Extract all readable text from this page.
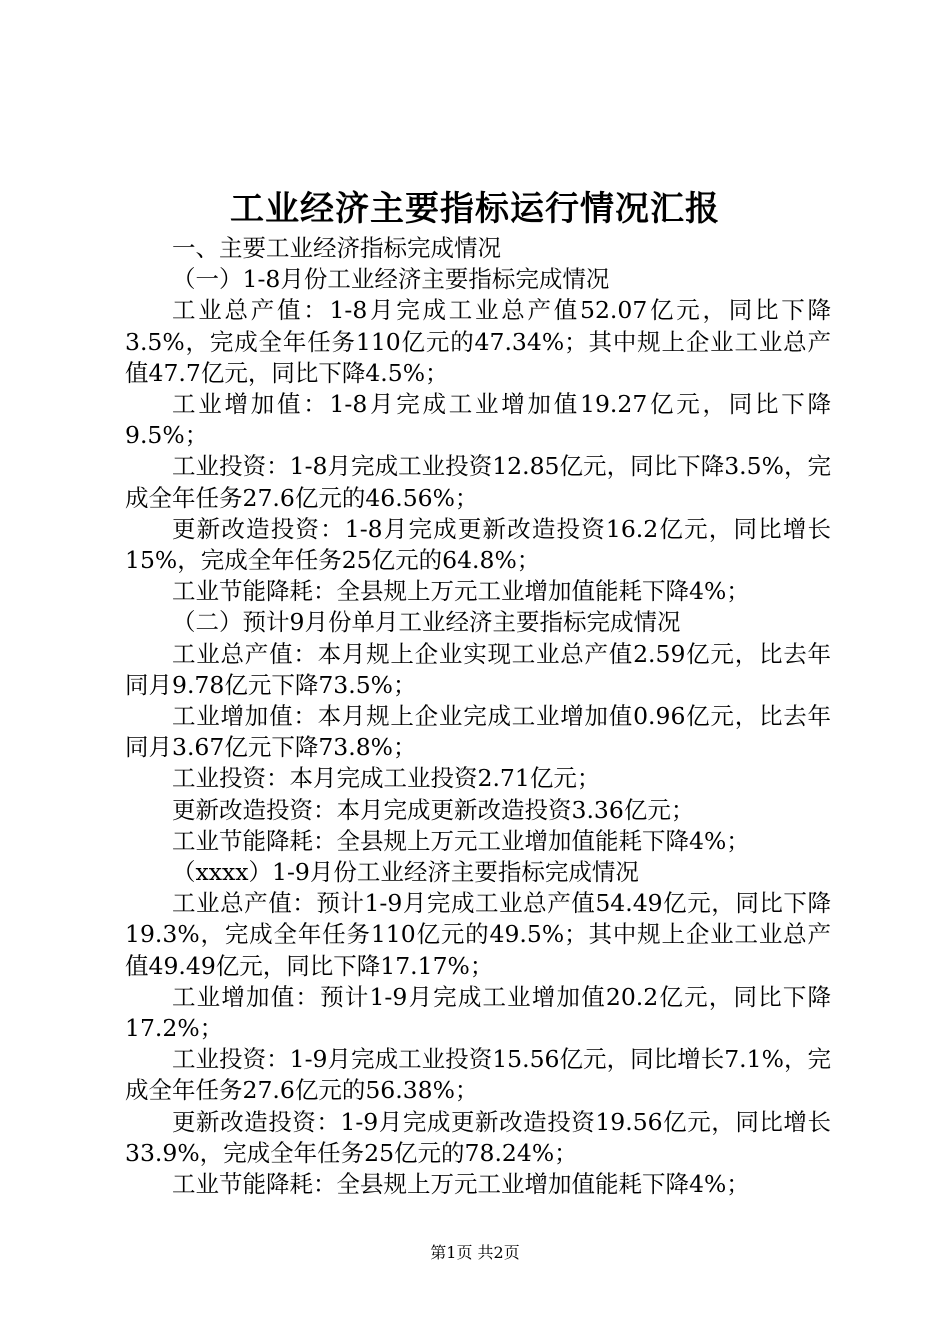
工业经济主要指标运行情况汇报

一、主要工业经济指标完成情况

（一）1-8月份工业经济主要指标完成情况

工业总产值：1-8月完成工业总产值52.07亿元，同比下降3.5%，完成全年任务110亿元的47.34%；其中规上企业工业总产值47.7亿元，同比下降4.5%；

工业增加值：1-8月完成工业增加值19.27亿元，同比下降9.5%；

工业投资：1-8月完成工业投资12.85亿元，同比下降3.5%，完成全年任务27.6亿元的46.56%；

更新改造投资：1-8月完成更新改造投资16.2亿元，同比增长15%，完成全年任务25亿元的64.8%；

工业节能降耗：全县规上万元工业增加值能耗下降4%；

（二）预计9月份单月工业经济主要指标完成情况

工业总产值：本月规上企业实现工业总产值2.59亿元，比去年同月9.78亿元下降73.5%；

工业增加值：本月规上企业完成工业增加值0.96亿元，比去年同月3.67亿元下降73.8%；

工业投资：本月完成工业投资2.71亿元；

更新改造投资：本月完成更新改造投资3.36亿元；

工业节能降耗：全县规上万元工业增加值能耗下降4%；

（xxxx）1-9月份工业经济主要指标完成情况

工业总产值：预计1-9月完成工业总产值54.49亿元，同比下降19.3%，完成全年任务110亿元的49.5%；其中规上企业工业总产值49.49亿元，同比下降17.17%；

工业增加值：预计1-9月完成工业增加值20.2亿元，同比下降17.2%；

工业投资：1-9月完成工业投资15.56亿元，同比增长7.1%，完成全年任务27.6亿元的56.38%；

更新改造投资：1-9月完成更新改造投资19.56亿元，同比增长33.9%，完成全年任务25亿元的78.24%；

工业节能降耗：全县规上万元工业增加值能耗下降4%；

第1页 共2页
